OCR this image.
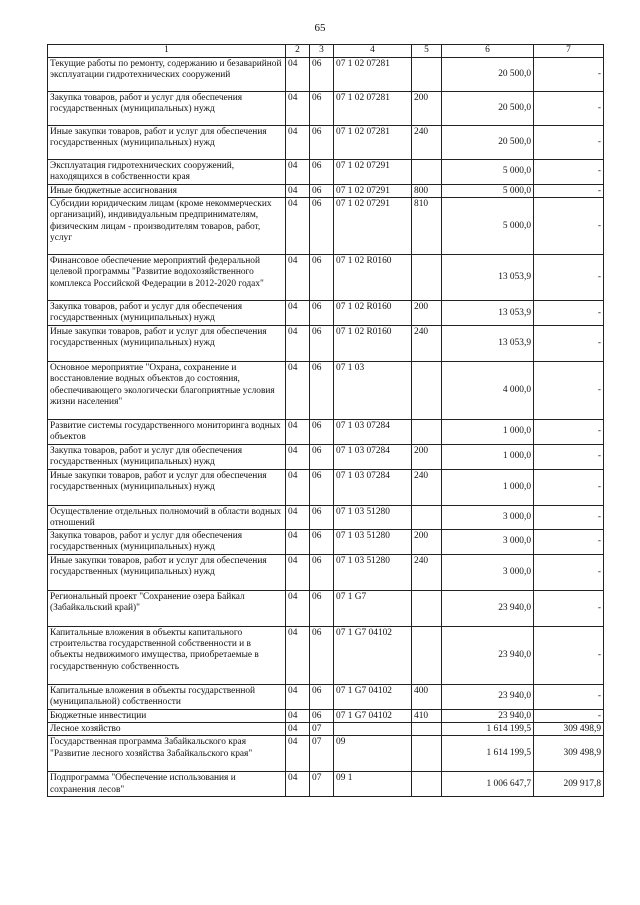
65
1	2	3	4	5	6	7
Текущие работы по ремонту, содержанию и безаварийной эксплуатации гидротехнических сооружений	04	06	07 1 02 07281		20 500,0	-
Закупка товаров, работ и услуг для обеспечения государственных (муниципальных) нужд	04	06	07 1 02 07281	200	20 500,0	-
Иные закупки товаров, работ и услуг для обеспечения государственных (муниципальных) нужд	04	06	07 1 02 07281	240	20 500,0	-
Эксплуатация гидротехнических сооружений, находящихся в собственности края	04	06	07 1 02 07291		5 000,0	-
Иные бюджетные ассигнования	04	06	07 1 02 07291	800	5 000,0	-
Субсидии юридическим лицам (кроме некоммерческих организаций), индивидуальным предпринимателям, физическим лицам - производителям товаров, работ, услуг	04	06	07 1 02 07291	810	5 000,0	-
Финансовое обеспечение мероприятий федеральной целевой программы "Развитие водохозяйственного комплекса Российской Федерации в 2012-2020 годах"	04	06	07 1 02 R0160		13 053,9	-
Закупка товаров, работ и услуг для обеспечения государственных (муниципальных) нужд	04	06	07 1 02 R0160	200	13 053,9	-
Иные закупки товаров, работ и услуг для обеспечения государственных (муниципальных) нужд	04	06	07 1 02 R0160	240	13 053,9	-
Основное мероприятие "Охрана, сохранение и восстановление водных объектов до состояния, обеспечивающего экологически благоприятные условия жизни населения"	04	06	07 1 03		4 000,0	-
Развитие системы государственного мониторинга водных объектов	04	06	07 1 03 07284		1 000,0	-
Закупка товаров, работ и услуг для обеспечения государственных (муниципальных) нужд	04	06	07 1 03 07284	200	1 000,0	-
Иные закупки товаров, работ и услуг для обеспечения государственных (муниципальных) нужд	04	06	07 1 03 07284	240	1 000,0	-
Осуществление отдельных полномочий в области водных отношений	04	06	07 1 03 51280		3 000,0	-
Закупка товаров, работ и услуг для обеспечения государственных (муниципальных) нужд	04	06	07 1 03 51280	200	3 000,0	-
Иные закупки товаров, работ и услуг для обеспечения государственных (муниципальных) нужд	04	06	07 1 03 51280	240	3 000,0	-
Региональный проект "Сохранение озера Байкал (Забайкальский край)"	04	06	07 1 G7		23 940,0	-
Капитальные вложения в объекты капитального строительства государственной собственности и в объекты недвижимого имущества, приобретаемые в государственную собственность	04	06	07 1 G7 04102		23 940,0	-
Капитальные вложения в объекты государственной (муниципальной) собственности	04	06	07 1 G7 04102	400	23 940,0	-
Бюджетные инвестиции	04	06	07 1 G7 04102	410	23 940,0	-
Лесное хозяйство	04	07			1 614 199,5	309 498,9
Государственная программа Забайкальского края "Развитие лесного хозяйства Забайкальского края"	04	07	09		1 614 199,5	309 498,9
Подпрограмма "Обеспечение использования и сохранения лесов"	04	07	09 1		1 006 647,7	209 917,8
